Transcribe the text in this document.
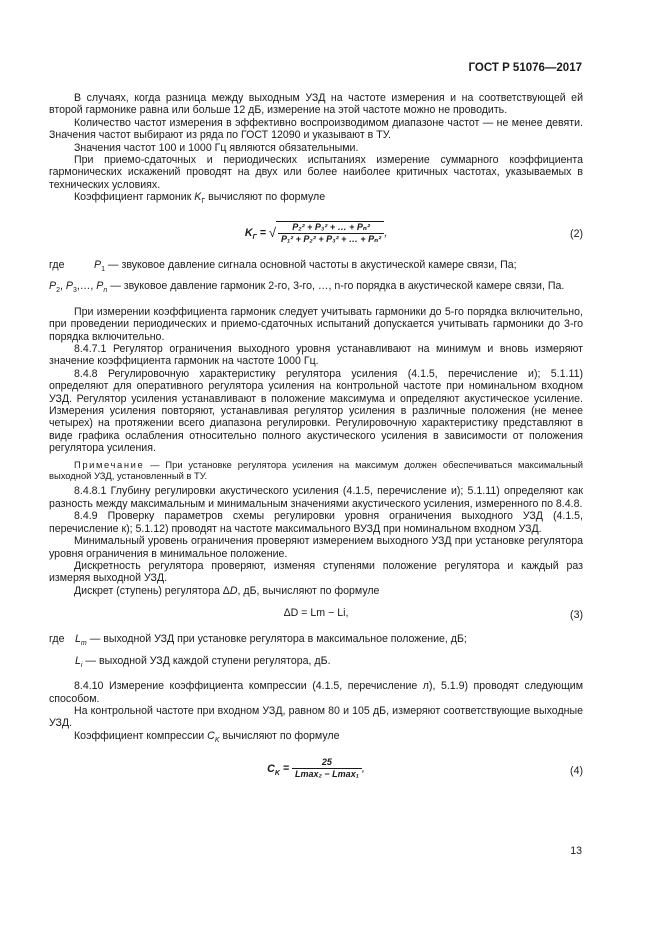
ГОСТ Р 51076—2017

В случаях, когда разница между выходным УЗД на частоте измерения и на соответствующей ей второй гармонике равна или больше 12 дБ, измерение на этой частоте можно не проводить.

Количество частот измерения в эффективно воспроизводимом диапазоне частот — не менее девяти. Значения частот выбирают из ряда по ГОСТ 12090 и указывают в ТУ.

Значения частот 100 и 1000 Гц являются обязательными.

При приемо-сдаточных и периодических испытаниях измерение суммарного коэффициента гармонических искажений проводят на двух или более наиболее критичных частотах, указываемых в технических условиях.

Коэффициент гармоник $K_Г$ вычисляют по формуле

$K_Г$ = √ $\frac{\text{P₂² + P₃² + … + Pₙ²}}{\text{P₁² + P₂² + P₃² + … + Pₙ²}}$ ,	(2)

где	$P_1$ — звуковое давление сигнала основной частоты в акустической камере связи, Па;

$P_2$, $P_3,\dots$, $P_n$ — звуковое давление гармоник 2-го, 3-го, …, n-го порядка в акустической камере связи, Па.

При измерении коэффициента гармоник следует учитывать гармоники до 5-го порядка включительно, при проведении периодических и приемо-сдаточных испытаний допускается учитывать гармоники до 3-го порядка включительно.

8.4.7.1 Регулятор ограничения выходного уровня устанавливают на минимум и вновь измеряют значение коэффициента гармоник на частоте 1000 Гц.

8.4.8 Регулировочную характеристику регулятора усиления (4.1.5, перечисление и); 5.1.11) определяют для оперативного регулятора усиления на контрольной частоте при номинальном входном УЗД. Регулятор усиления устанавливают в положение максимума и определяют акустическое усиление. Измерения усиления повторяют, устанавливая регулятор усиления в различные положения (не менее четырех) на протяжении всего диапазона регулировки. Регулировочную характеристику представляют в виде графика ослабления относительно полного акустического усиления в зависимости от положения регулятора усиления.

Примечание — При установке регулятора усиления на максимум должен обеспечиваться максимальный выходной УЗД, установленный в ТУ.

8.4.8.1 Глубину регулировки акустического усиления (4.1.5, перечисление и); 5.1.11) определяют как разность между максимальным и минимальным значениями акустического усиления, измеренного по 8.4.8.

8.4.9 Проверку параметров схемы регулировки уровня ограничения выходного УЗД (4.1.5, перечисление к); 5.1.12) проводят на частоте максимального ВУЗД при номинальном входном УЗД.

Минимальный уровень ограничения проверяют измерением выходного УЗД при установке регулятора уровня ограничения в минимальное положение.

Дискретность регулятора проверяют, изменяя ступенями положение регулятора и каждый раз измеряя выходной УЗД.

Дискрет (ступень) регулятора ΔD, дБ, вычисляют по формуле

ΔD = Lm − Li,	(3)

где $L_m$ — выходной УЗД при установке регулятора в максимальное положение, дБ;

$L_i$ — выходной УЗД каждой ступени регулятора, дБ.

8.4.10 Измерение коэффициента компрессии (4.1.5, перечисление л), 5.1.9) проводят следующим способом.

На контрольной частоте при входном УЗД, равном 80 и 105 дБ, измеряют соответствующие выходные УЗД.

Коэффициент компрессии $C_K$ вычисляют по формуле

$C_K = \frac{25}{\text{Lmax₂ − Lmax₁}}$ ,	(4)
13
